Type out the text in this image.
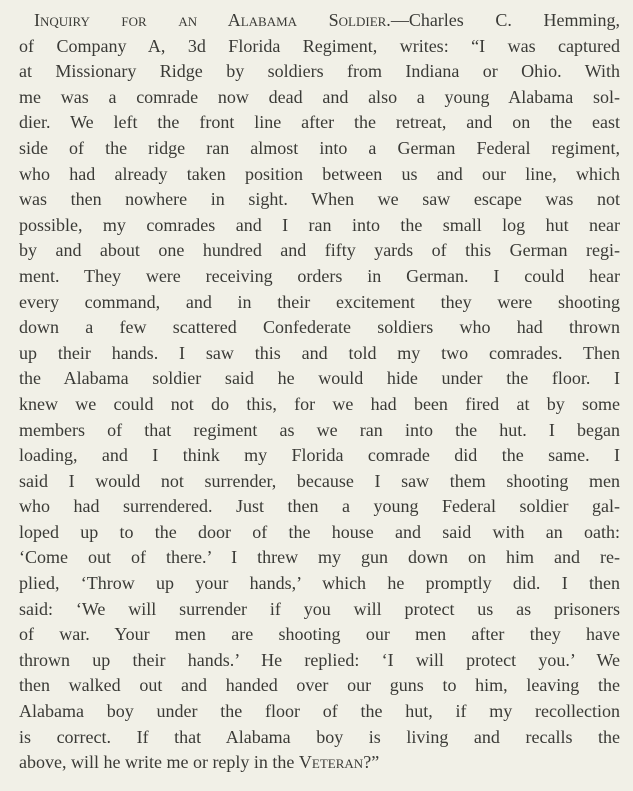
Inquiry for an Alabama Soldier.—Charles C. Hemming,
of Company A, 3d Florida Regiment, writes: “I was captured
at Missionary Ridge by soldiers from Indiana or Ohio. With
me was a comrade now dead and also a young Alabama sol-
dier. We left the front line after the retreat, and on the east
side of the ridge ran almost into a German Federal regiment,
who had already taken position between us and our line, which
was then nowhere in sight. When we saw escape was not
possible, my comrades and I ran into the small log hut near
by and about one hundred and fifty yards of this German regi-
ment. They were receiving orders in German. I could hear
every command, and in their excitement they were shooting
down a few scattered Confederate soldiers who had thrown
up their hands. I saw this and told my two comrades. Then
the Alabama soldier said he would hide under the floor. I
knew we could not do this, for we had been fired at by some
members of that regiment as we ran into the hut. I began
loading, and I think my Florida comrade did the same. I
said I would not surrender, because I saw them shooting men
who had surrendered. Just then a young Federal soldier gal-
loped up to the door of the house and said with an oath:
‘Come out of there.’ I threw my gun down on him and re-
plied, ‘Throw up your hands,’ which he promptly did. I then
said: ‘We will surrender if you will protect us as prisoners
of war. Your men are shooting our men after they have
thrown up their hands.’ He replied: ‘I will protect you.’ We
then walked out and handed over our guns to him, leaving the
Alabama boy under the floor of the hut, if my recollection
is correct. If that Alabama boy is living and recalls the
above, will he write me or reply in the Veteran?”
